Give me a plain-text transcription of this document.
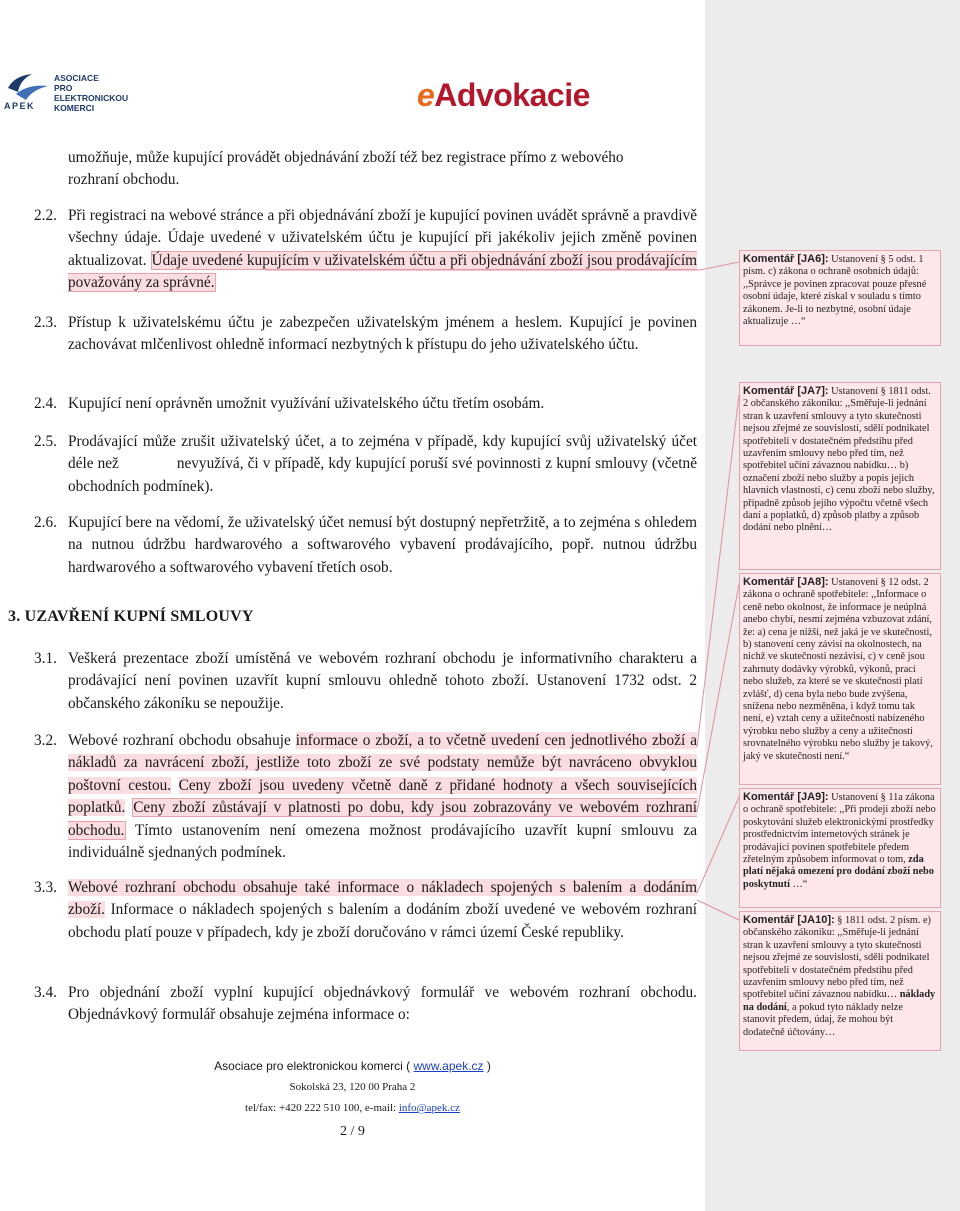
ASOCIACE
PRO
ELEKTRONICKOU
KOMERCI
APEK	eAdvokacie
umožňuje, může kupující provádět objednávání zboží též bez registrace přímo z webového
rozhraní obchodu.
2.2. Při registraci na webové stránce a při objednávání zboží je kupující povinen uvádět správně a pravdivě všechny údaje. Údaje uvedené v uživatelském účtu je kupující při jakékoliv jejich změně povinen aktualizovat. Údaje uvedené kupujícím v uživatelském účtu a při objednávání zboží jsou prodávajícím považovány za správné.
2.3. Přístup k uživatelskému účtu je zabezpečen uživatelským jménem a heslem. Kupující je povinen zachovávat mlčenlivost ohledně informací nezbytných k přístupu do jeho uživatelského účtu.
2.4. Kupující není oprávněn umožnit využívání uživatelského účtu třetím osobám.
2.5. Prodávající může zrušit uživatelský účet, a to zejména v případě, kdy kupující svůj uživatelský účet déle než	nevyužívá, či v případě, kdy kupující poruší své povinnosti z kupní smlouvy (včetně obchodních podmínek).
2.6. Kupující bere na vědomí, že uživatelský účet nemusí být dostupný nepřetržitě, a to zejména s ohledem na nutnou údržbu hardwarového a softwarového vybavení prodávajícího, popř. nutnou údržbu hardwarového a softwarového vybavení třetích osob.
3. UZAVŘENÍ KUPNÍ SMLOUVY
3.1. Veškerá prezentace zboží umístěná ve webovém rozhraní obchodu je informativního charakteru a prodávající není povinen uzavřít kupní smlouvu ohledně tohoto zboží. Ustanovení 1732 odst. 2 občanského zákoníku se nepoužije.
3.2. Webové rozhraní obchodu obsahuje informace o zboží, a to včetně uvedení cen jednotlivého zboží a nákladů za navrácení zboží, jestliže toto zboží ze své podstaty nemůže být navráceno obvyklou poštovní cestou. Ceny zboží jsou uvedeny včetně daně z přidané hodnoty a všech souvisejících poplatků. Ceny zboží zůstávají v platnosti po dobu, kdy jsou zobrazovány ve webovém rozhraní obchodu. Tímto ustanovením není omezena možnost prodávajícího uzavřít kupní smlouvu za individuálně sjednaných podmínek.
3.3. Webové rozhraní obchodu obsahuje také informace o nákladech spojených s balením a dodáním zboží. Informace o nákladech spojených s balením a dodáním zboží uvedené ve webovém rozhraní obchodu platí pouze v případech, kdy je zboží doručováno v rámci území České republiky.
3.4. Pro objednání zboží vyplní kupující objednávkový formulář ve webovém rozhraní obchodu. Objednávkový formulář obsahuje zejména informace o:
Komentář [JA6]: Ustanovení § 5 odst. 1 písm. c) zákona o ochraně osobních údajů: ,,Správce je povinen zpracovat pouze přesné osobní údaje, které získal v souladu s tímto zákonem. Je-li to nezbytné, osobní údaje aktualizuje …“
Komentář [JA7]: Ustanovení § 1811 odst. 2 občanského zákoníku: ,,Směřuje-li jednání stran k uzavření smlouvy a tyto skutečnosti nejsou zřejmé ze souvislostí, sdělí podnikatel spotřebiteli v dostatečném předstihu před uzavřením smlouvy nebo před tím, než spotřebitel učiní závaznou nabídku… b) označení zboží nebo služby a popis jejich hlavních vlastností, c) cenu zboží nebo služby, případně způsob jejího výpočtu včetně všech daní a poplatků, d) způsob platby a způsob dodání nebo plnění…
Komentář [JA8]: Ustanovení § 12 odst. 2 zákona o ochraně spotřebitele: ,,Informace o ceně nebo okolnost, že informace je neúplná anebo chybí, nesmí zejména vzbuzovat zdání, že: a) cena je nižší, než jaká je ve skutečnosti, b) stanovení ceny závisí na okolnostech, na nichž ve skutečnosti nezávisí, c) v ceně jsou zahrnuty dodávky výrobků, výkonů, prací nebo služeb, za které se ve skutečnosti platí zvlášť, d) cena byla nebo bude zvýšena, snížena nebo nezměněna, i když tomu tak není, e) vztah ceny a užitečnosti nabízeného výrobku nebo služby a ceny a užitečnosti srovnatelného výrobku nebo služby je takový, jaký ve skutečnosti není.“
Komentář [JA9]: Ustanovení § 11a zákona o ochraně spotřebitele: ,,Při prodeji zboží nebo poskytování služeb elektronickými prostředky prostřednictvím internetových stránek je prodávající povinen spotřebitele předem zřetelným způsobem informovat o tom, zda platí nějaká omezení pro dodání zboží nebo poskytnutí …“
Komentář [JA10]: § 1811 odst. 2 písm. e) občanského zákoníku: ,,Směřuje-li jednání stran k uzavření smlouvy a tyto skutečnosti nejsou zřejmé ze souvislostí, sdělí podnikatel spotřebiteli v dostatečném předstihu před uzavřením smlouvy nebo před tím, než spotřebitel učiní závaznou nabídku… náklady na dodání, a pokud tyto náklady nelze stanovit předem, údaj, že mohou být dodatečně účtovány…
Asociace pro elektronickou komerci ( www.apek.cz )
Sokolská 23, 120 00 Praha 2
tel/fax: +420 222 510 100, e-mail: info@apek.cz
2 / 9
